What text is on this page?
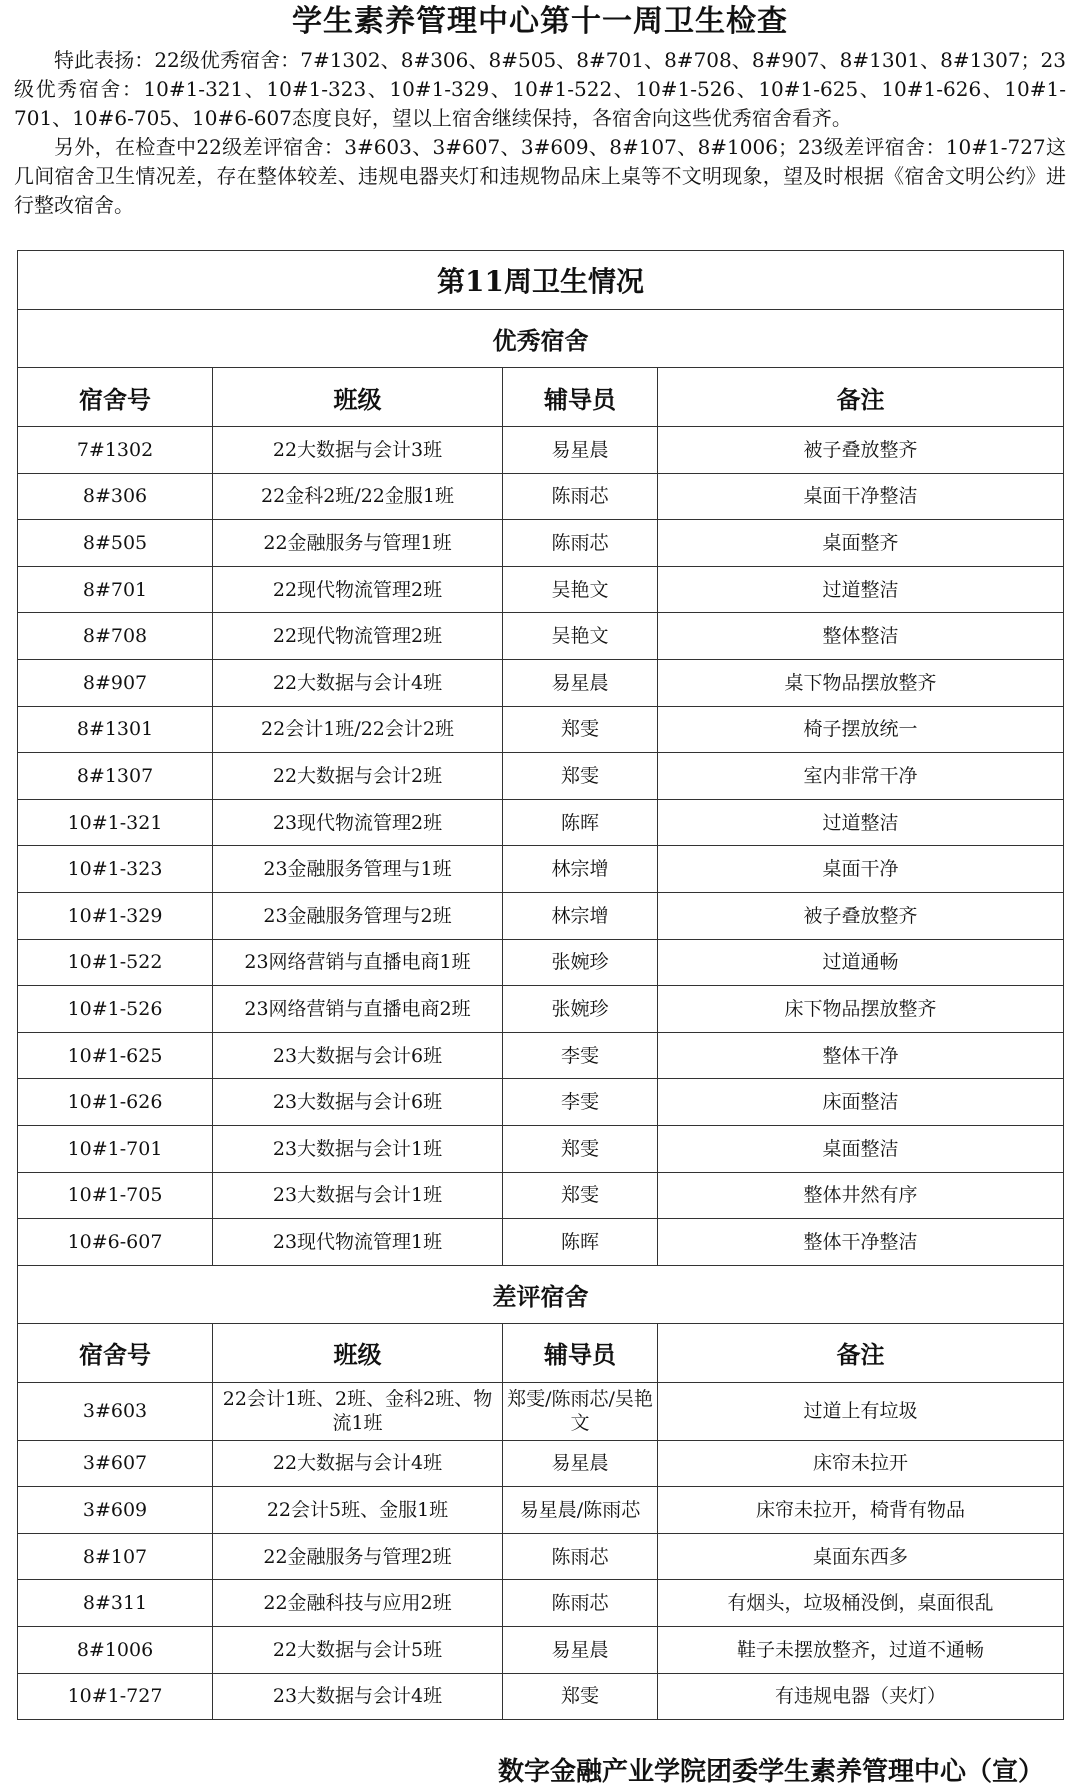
学生素养管理中心第十一周卫生检查

特此表扬：22级优秀宿舍：7#1302、8#306、8#505、8#701、8#708、8#907、8#1301、8#1307；23级优秀宿舍：10#1-321、10#1-323、10#1-329、10#1-522、10#1-526、10#1-625、10#1-626、10#1-701、10#6-705、10#6-607态度良好，望以上宿舍继续保持，各宿舍向这些优秀宿舍看齐。

另外，在检查中22级差评宿舍：3#603、3#607、3#609、8#107、8#1006；23级差评宿舍：10#1-727这几间宿舍卫生情况差，存在整体较差、违规电器夹灯和违规物品床上桌等不文明现象，望及时根据《宿舍文明公约》进行整改宿舍。

第11周卫生情况			
优秀宿舍			
宿舍号	班级	辅导员	备注
7#1302	22大数据与会计3班	易星晨	被子叠放整齐
8#306	22金科2班/22金服1班	陈雨芯	桌面干净整洁
8#505	22金融服务与管理1班	陈雨芯	桌面整齐
8#701	22现代物流管理2班	吴艳文	过道整洁
8#708	22现代物流管理2班	吴艳文	整体整洁
8#907	22大数据与会计4班	易星晨	桌下物品摆放整齐
8#1301	22会计1班/22会计2班	郑雯	椅子摆放统一
8#1307	22大数据与会计2班	郑雯	室内非常干净
10#1-321	23现代物流管理2班	陈晖	过道整洁
10#1-323	23金融服务管理与1班	林宗增	桌面干净
10#1-329	23金融服务管理与2班	林宗增	被子叠放整齐
10#1-522	23网络营销与直播电商1班	张婉珍	过道通畅
10#1-526	23网络营销与直播电商2班	张婉珍	床下物品摆放整齐
10#1-625	23大数据与会计6班	李雯	整体干净
10#1-626	23大数据与会计6班	李雯	床面整洁
10#1-701	23大数据与会计1班	郑雯	桌面整洁
10#1-705	23大数据与会计1班	郑雯	整体井然有序
10#6-607	23现代物流管理1班	陈晖	整体干净整洁
差评宿舍			
宿舍号	班级	辅导员	备注
3#603	22会计1班、2班、金科2班、物流1班	郑雯/陈雨芯/吴艳文	过道上有垃圾
3#607	22大数据与会计4班	易星晨	床帘未拉开
3#609	22会计5班、金服1班	易星晨/陈雨芯	床帘未拉开，椅背有物品
8#107	22金融服务与管理2班	陈雨芯	桌面东西多
8#311	22金融科技与应用2班	陈雨芯	有烟头，垃圾桶没倒，桌面很乱
8#1006	22大数据与会计5班	易星晨	鞋子未摆放整齐，过道不通畅
10#1-727	23大数据与会计4班	郑雯	有违规电器（夹灯）
数字金融产业学院团委学生素养管理中心（宣）
